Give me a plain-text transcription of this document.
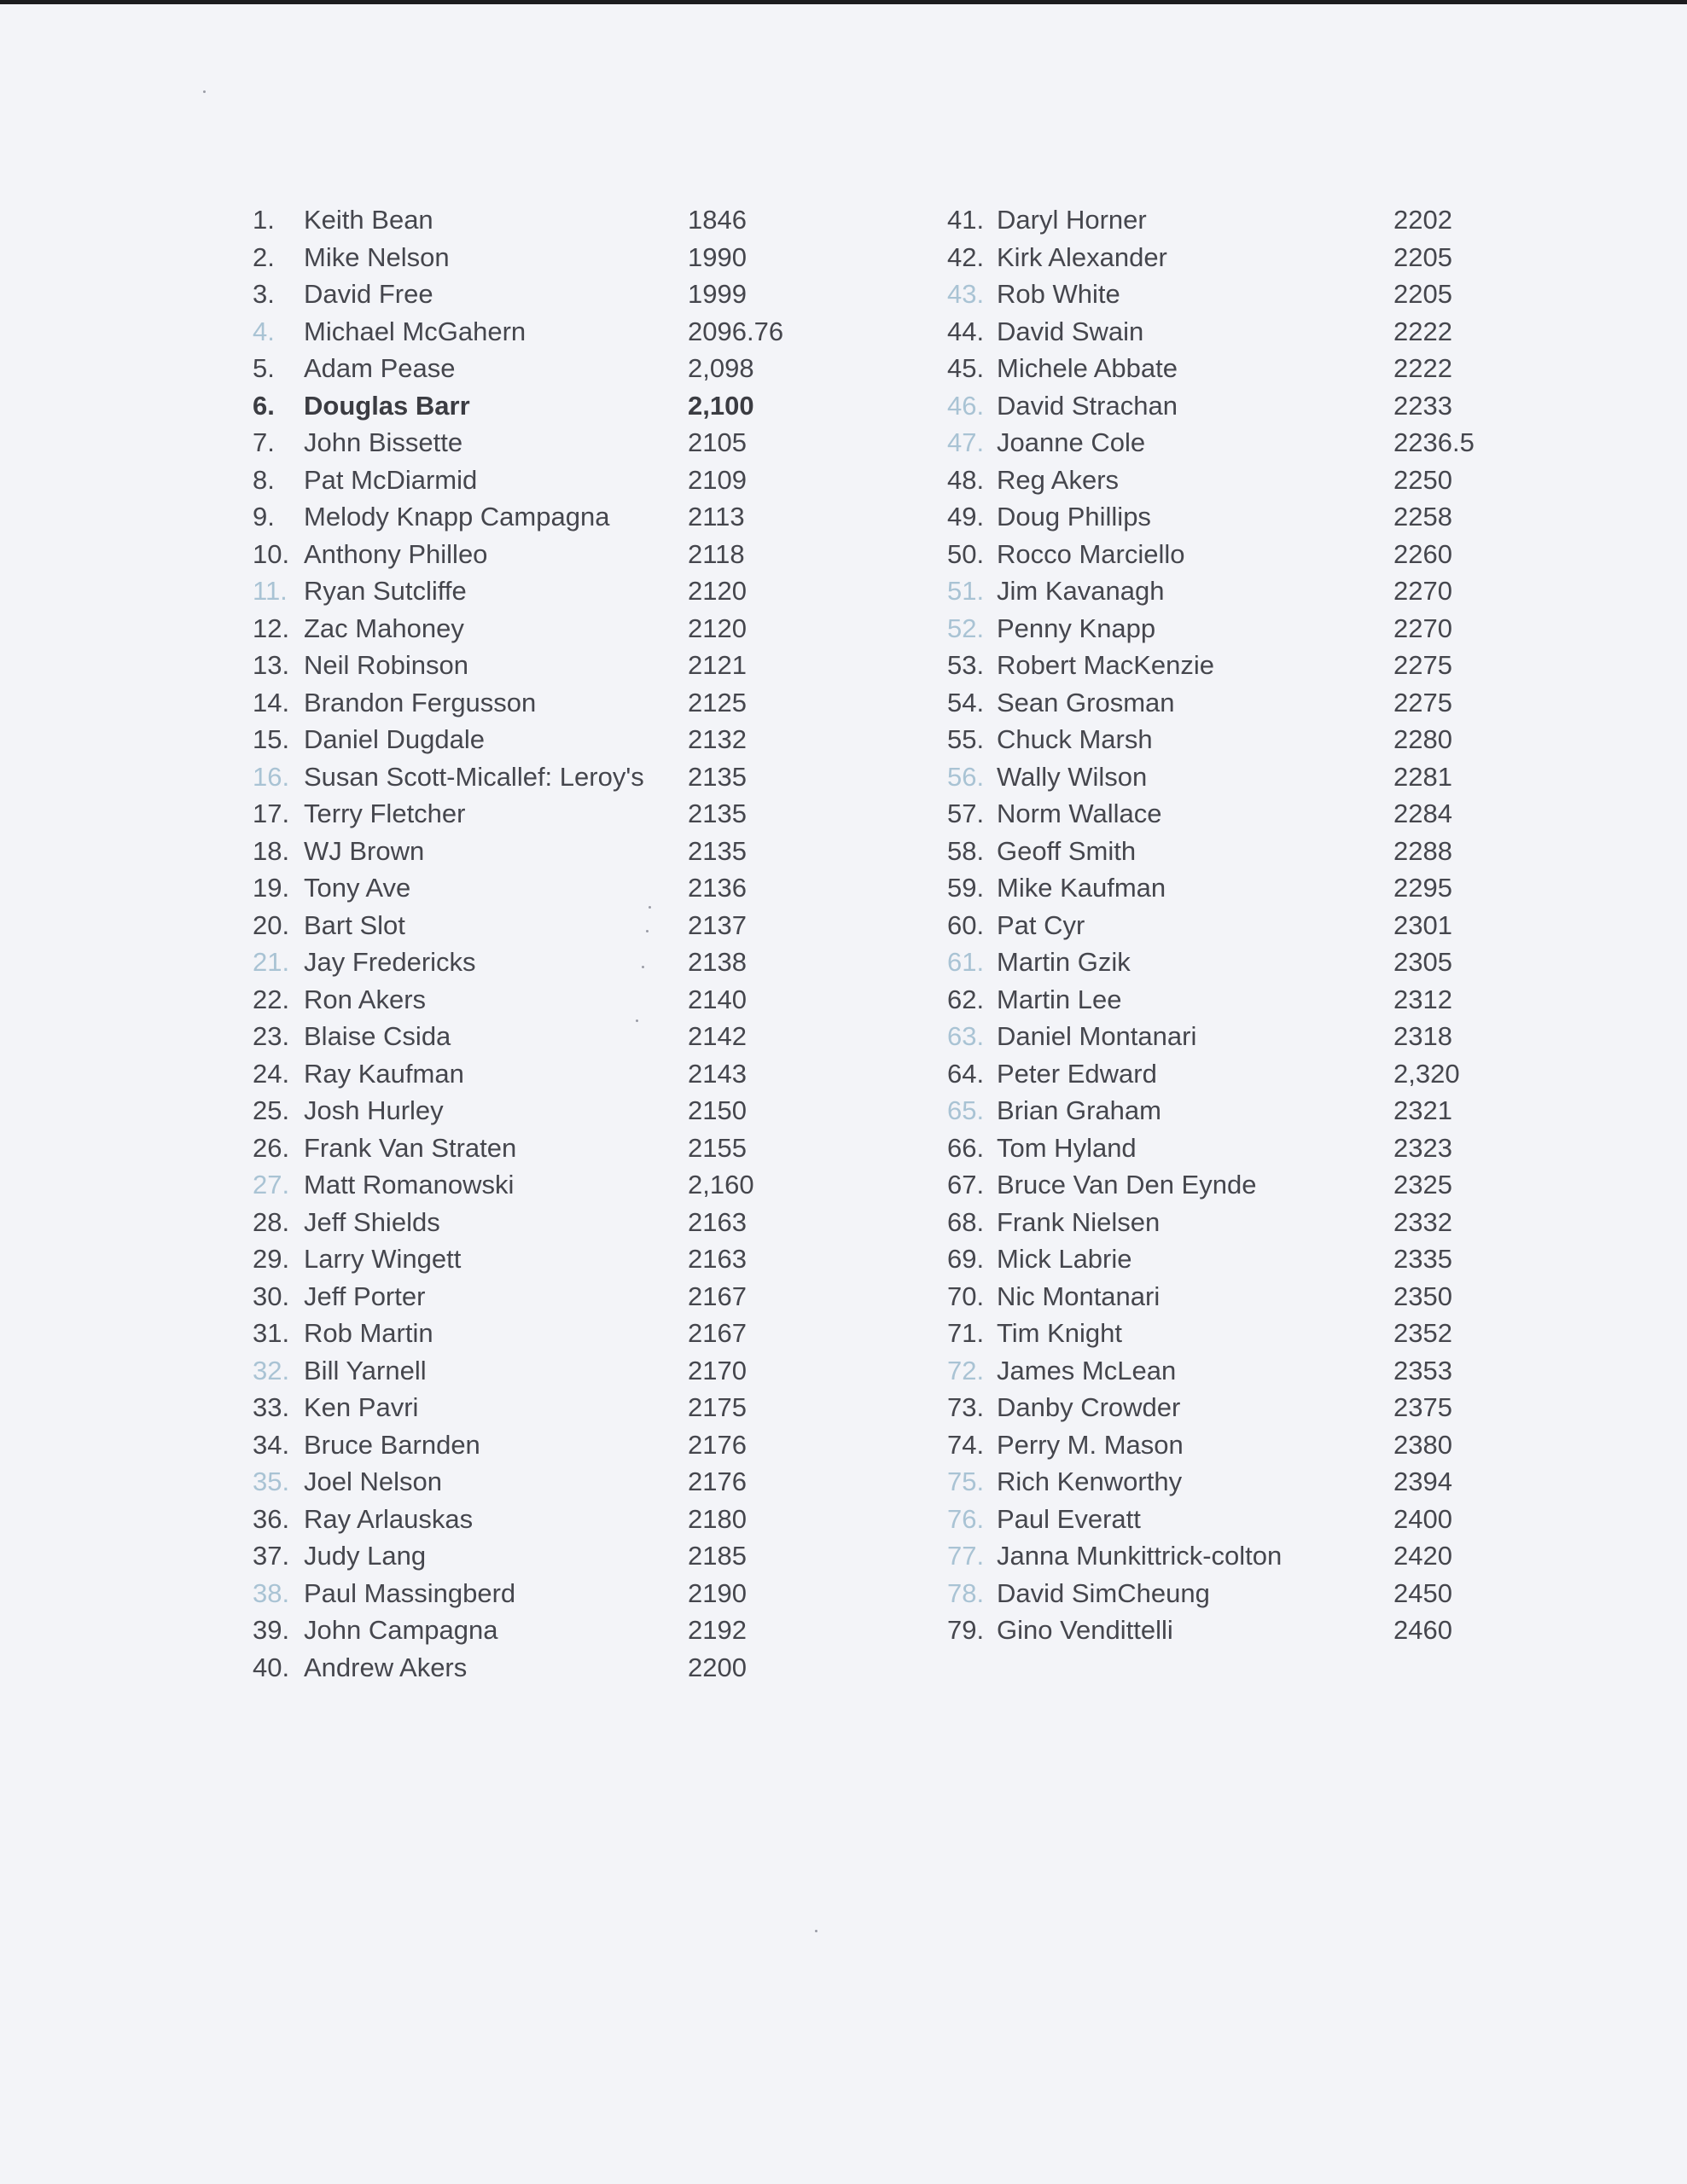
1. Keith Bean	1846
2. Mike Nelson	1990
3. David Free	1999
4. Michael McGahern	2096.76
5. Adam Pease	2,098
6. Douglas Barr	2,100
7. John Bissette	2105
8. Pat McDiarmid	2109
9. Melody Knapp Campagna	2113
10. Anthony Philleo	2118
11. Ryan Sutcliffe	2120
12. Zac Mahoney	2120
13. Neil Robinson	2121
14. Brandon Fergusson	2125
15. Daniel Dugdale	2132
16. Susan Scott-Micallef: Leroy's 2135
17. Terry Fletcher	2135
18. WJ Brown	2135
19. Tony Ave	2136
20. Bart Slot	2137
21. Jay Fredericks	2138
22. Ron Akers	2140
23. Blaise Csida	2142
24. Ray Kaufman	2143
25. Josh Hurley	2150
26. Frank Van Straten	2155
27. Matt Romanowski	2,160
28. Jeff Shields	2163
29. Larry Wingett	2163
30. Jeff Porter	2167
31. Rob Martin	2167
32. Bill Yarnell	2170
33. Ken Pavri	2175
34. Bruce Barnden	2176
35. Joel Nelson	2176
36. Ray Arlauskas	2180
37. Judy Lang	2185
38. Paul Massingberd	2190
39. John Campagna	2192
40. Andrew Akers	2200
41. Daryl Horner	2202
42. Kirk Alexander	2205
43. Rob White	2205
44. David Swain	2222
45. Michele Abbate	2222
46. David Strachan	2233
47. Joanne Cole	2236.5
48. Reg Akers	2250
49. Doug Phillips	2258
50. Rocco Marciello	2260
51. Jim Kavanagh	2270
52. Penny Knapp	2270
53. Robert MacKenzie	2275
54. Sean Grosman	2275
55. Chuck Marsh	2280
56. Wally Wilson	2281
57. Norm Wallace	2284
58. Geoff Smith	2288
59. Mike Kaufman	2295
60. Pat Cyr	2301
61. Martin Gzik	2305
62. Martin Lee	2312
63. Daniel Montanari	2318
64. Peter Edward	2,320
65. Brian Graham	2321
66. Tom Hyland	2323
67. Bruce Van Den Eynde	2325
68. Frank Nielsen	2332
69. Mick Labrie	2335
70. Nic Montanari	2350
71. Tim Knight	2352
72. James McLean	2353
73. Danby Crowder	2375
74. Perry M. Mason	2380
75. Rich Kenworthy	2394
76. Paul Everatt	2400
77. Janna Munkittrick-colton	2420
78. David SimCheung	2450
79. Gino Vendittelli	2460
